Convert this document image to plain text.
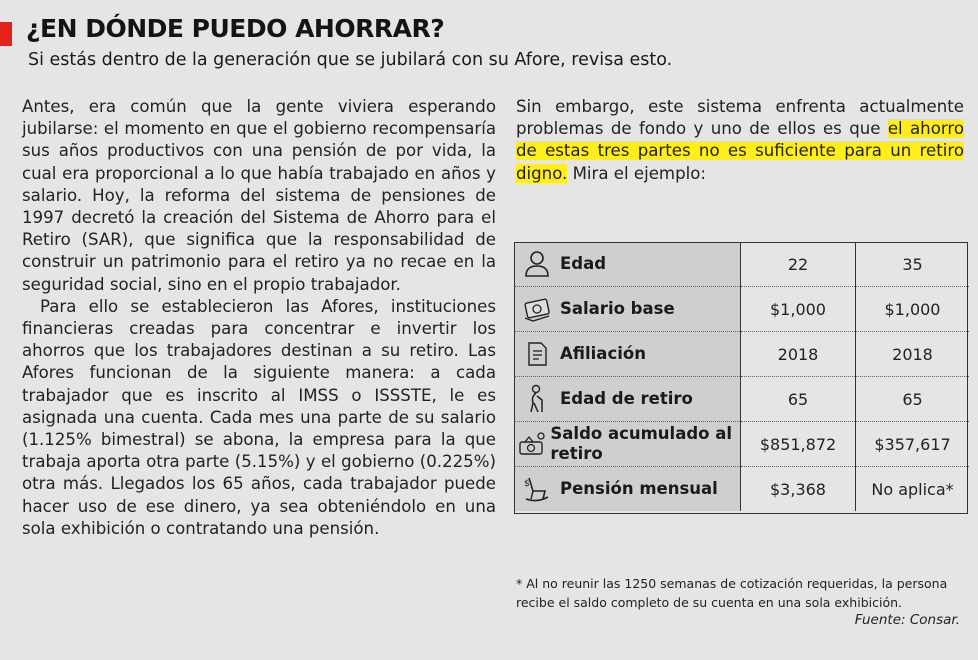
¿EN DÓNDE PUEDO AHORRAR?
Si estás dentro de la generación que se jubilará con su Afore, revisa esto.

Antes, era común que la gente viviera esperando jubilarse: el momento en que el gobierno recompensaría sus años productivos con una pensión de por vida, la cual era proporcional a lo que había trabajado en años y salario. Hoy, la reforma del sistema de pensiones de 1997 decretó la creación del Sistema de Ahorro para el Retiro (SAR), que significa que la responsabilidad de construir un patrimonio para el retiro ya no recae en la seguridad social, sino en el propio trabajador.

Para ello se establecieron las Afores, instituciones financieras creadas para concentrar e invertir los ahorros que los trabajadores destinan a su retiro. Las Afores funcionan de la siguiente manera: a cada trabajador que es inscrito al IMSS o ISSSTE, le es asignada una cuenta. Cada mes una parte de su salario (1.125% bimestral) se abona, la empresa para la que trabaja aporta otra parte (5.15%) y el gobierno (0.225%) otra más. Llegados los 65 años, cada trabajador puede hacer uso de ese dinero, ya sea obteniéndolo en una sola exhibición o contratando una pensión.

Sin embargo, este sistema enfrenta actualmente problemas de fondo y uno de ellos es que el ahorro de estas tres partes no es suficiente para un retiro digno. Mira el ejemplo:
Edad	22	35

Salario base	$1,000	$1,000

Afiliación	2018	2018

Edad de retiro	65	65

Saldo acumulado al retiro	$851,872	$357,617

$ Pensión mensual	$3,368	No aplica*
* Al no reunir las 1250 semanas de cotización requeridas, la persona recibe el saldo completo de su cuenta en una sola exhibición.
Fuente: Consar.
